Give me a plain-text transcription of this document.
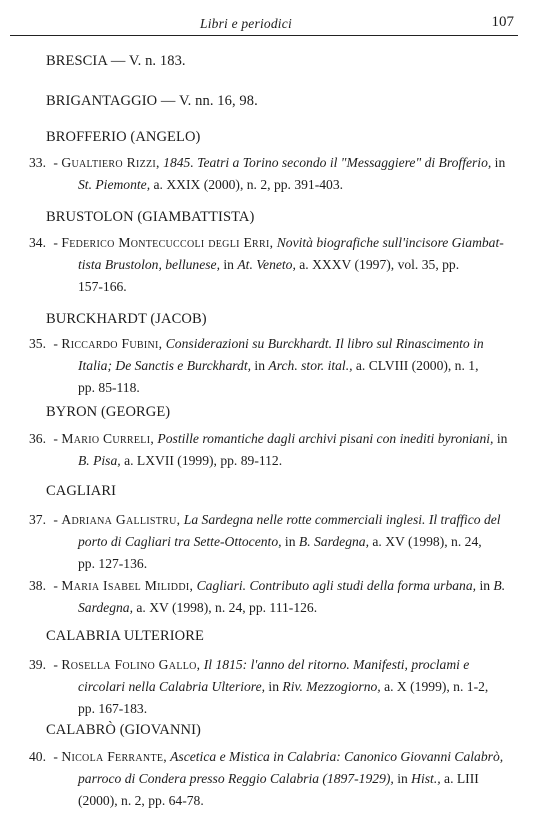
Libri e periodici	107
BRESCIA — V. n. 183.
BRIGANTAGGIO — V. nn. 16, 98.
BROFFERIO (ANGELO)
33. - Gualtiero Rizzi, 1845. Teatri a Torino secondo il "Messaggiere" di Brofferio, in
St. Piemonte, a. XXIX (2000), n. 2, pp. 391-403.
BRUSTOLON (GIAMBATTISTA)
34. - Federico Montecuccoli degli Erri, Novità biografiche sull'incisore Giambat-
tista Brustolon, bellunese, in At. Veneto, a. XXXV (1997), vol. 35, pp.
157-166.
BURCKHARDT (JACOB)
35. - Riccardo Fubini, Considerazioni su Burckhardt. Il libro sul Rinascimento in
Italia; De Sanctis e Burckhardt, in Arch. stor. ital., a. CLVIII (2000), n. 1,
pp. 85-118.
BYRON (GEORGE)
36. - Mario Curreli, Postille romantiche dagli archivi pisani con inediti byroniani, in
B. Pisa, a. LXVII (1999), pp. 89-112.
CAGLIARI
37. - Adriana Gallistru, La Sardegna nelle rotte commerciali inglesi. Il traffico del
porto di Cagliari tra Sette-Ottocento, in B. Sardegna, a. XV (1998), n. 24,
pp. 127-136.
38. - Maria Isabel Miliddi, Cagliari. Contributo agli studi della forma urbana, in B.
Sardegna, a. XV (1998), n. 24, pp. 111-126.
CALABRIA ULTERIORE
39. - Rosella Folino Gallo, Il 1815: l'anno del ritorno. Manifesti, proclami e
circolari nella Calabria Ulteriore, in Riv. Mezzogiorno, a. X (1999), n. 1-2,
pp. 167-183.
CALABRÒ (GIOVANNI)
40. - Nicola Ferrante, Ascetica e Mistica in Calabria: Canonico Giovanni Calabrò,
parroco di Condera presso Reggio Calabria (1897-1929), in Hist., a. LIII
(2000), n. 2, pp. 64-78.
